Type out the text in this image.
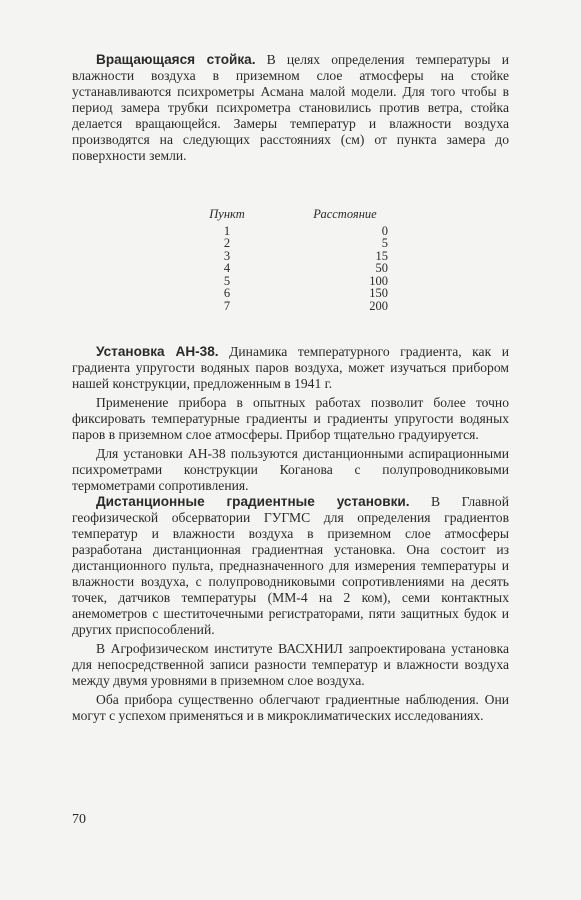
Вращающаяся стойка. В целях определения температуры и влажности воздуха в приземном слое атмосферы на стойке устанавливаются психрометры Асмана малой модели. Для того чтобы в период замера трубки психрометра становились против ветра, стойка делается вращающейся. Замеры температур и влажности воздуха производятся на следующих расстояниях (см) от пункта замера до поверхности земли.

Пункт		Расстояние
1		0
2		5
3		15
4		50
5		100
6		150
7		200

Установка АН-38. Динамика температурного градиента, как и градиента упругости водяных паров воздуха, может изучаться прибором нашей конструкции, предложенным в 1941 г.

Применение прибора в опытных работах позволит более точно фиксировать температурные градиенты и градиенты упругости водяных паров в приземном слое атмосферы. Прибор тщательно градуируется.

Для установки АН-38 пользуются дистанционными аспирационными психрометрами конструкции Коганова с полупроводниковыми термометрами сопротивления.

Дистанционные градиентные установки. В Главной геофизической обсерватории ГУГМС для определения градиентов температур и влажности воздуха в приземном слое атмосферы разработана дистанционная градиентная установка. Она состоит из дистанционного пульта, предназначенного для измерения температуры и влажности воздуха, с полупроводниковыми сопротивлениями на десять точек, датчиков температуры (ММ-4 на 2 ком), семи контактных анемометров с шеститочечными регистраторами, пяти защитных будок и других приспособлений.

В Агрофизическом институте ВАСХНИЛ запроектирована установка для непосредственной записи разности температур и влажности воздуха между двумя уровнями в приземном слое воздуха.

Оба прибора существенно облегчают градиентные наблюдения. Они могут с успехом применяться и в микроклиматических исследованиях.

70
